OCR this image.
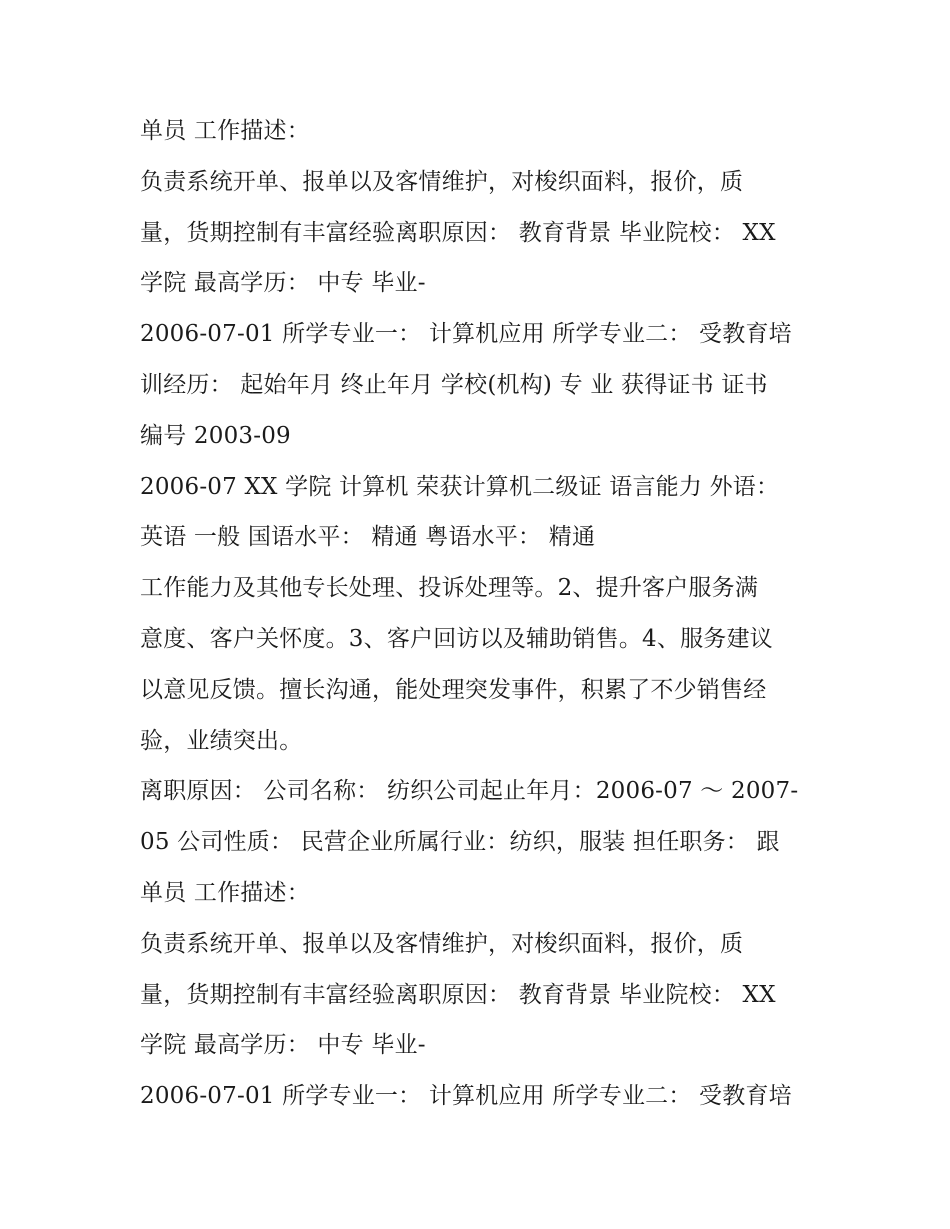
单员 工作描述：
负责系统开单、报单以及客情维护，对梭织面料，报价，质
量，货期控制有丰富经验离职原因： 教育背景 毕业院校： XX
学院 最高学历： 中专 毕业-
2006-07-01 所学专业一： 计算机应用 所学专业二： 受教育培
训经历： 起始年月 终止年月 学校(机构) 专 业 获得证书 证书
编号 2003-09
2006-07 XX 学院 计算机 荣获计算机二级证 语言能力 外语：
英语 一般 国语水平： 精通 粤语水平： 精通
工作能力及其他专长处理、投诉处理等。2、提升客户服务满
意度、客户关怀度。3、客户回访以及辅助销售。4、服务建议
以意见反馈。擅长沟通，能处理突发事件，积累了不少销售经
验，业绩突出。
离职原因： 公司名称： 纺织公司起止年月：2006-07 ～ 2007-
05 公司性质： 民营企业所属行业：纺织，服装 担任职务： 跟
单员 工作描述：
负责系统开单、报单以及客情维护，对梭织面料，报价，质
量，货期控制有丰富经验离职原因： 教育背景 毕业院校： XX
学院 最高学历： 中专 毕业-
2006-07-01 所学专业一： 计算机应用 所学专业二： 受教育培
